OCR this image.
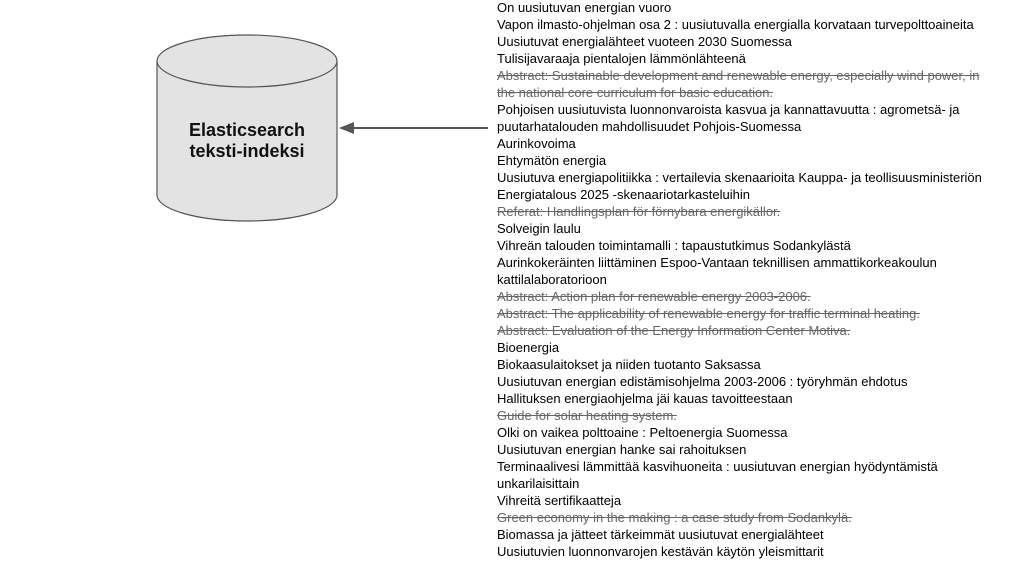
Elasticsearch
teksti-indeksi
On uusiutuvan energian vuoro
Vapon ilmasto-ohjelman osa 2 : uusiutuvalla energialla korvataan turvepolttoaineita
Uusiutuvat energialähteet vuoteen 2030 Suomessa
Tulisijavaraaja pientalojen lämmönlähteenä
Abstract: Sustainable development and renewable energy, especially wind power, in the national core curriculum for basic education.
Pohjoisen uusiutuvista luonnonvaroista kasvua ja kannattavuutta : agrometsä- ja puutarhatalouden mahdollisuudet Pohjois-Suomessa
Aurinkovoima
Ehtymätön energia
Uusiutuva energiapolitiikka : vertailevia skenaarioita Kauppa- ja teollisuusministeriön Energiatalous 2025 -skenaariotarkasteluihin
Referat: Handlingsplan för förnybara energikällor.
Solveigin laulu
Vihreän talouden toimintamalli : tapaustutkimus Sodankylästä
Aurinkokeräinten liittäminen Espoo-Vantaan teknillisen ammattikorkeakoulun kattilalaboratorioon
Abstract: Action plan for renewable energy 2003-2006.
Abstract: The applicability of renewable energy for traffic terminal heating.
Abstract: Evaluation of the Energy Information Center Motiva.
Bioenergia
Biokaasulaitokset ja niiden tuotanto Saksassa
Uusiutuvan energian edistämisohjelma 2003-2006 : työryhmän ehdotus
Hallituksen energiaohjelma jäi kauas tavoitteestaan
Guide for solar heating system.
Olki on vaikea polttoaine : Peltoenergia Suomessa
Uusiutuvan energian hanke sai rahoituksen
Terminaalivesi lämmittää kasvihuoneita : uusiutuvan energian hyödyntämistä unkarilaisittain
Vihreitä sertifikaatteja
Green economy in the making : a case study from Sodankylä.
Biomassa ja jätteet tärkeimmät uusiutuvat energialähteet
Uusiutuvien luonnonvarojen kestävän käytön yleismittarit
